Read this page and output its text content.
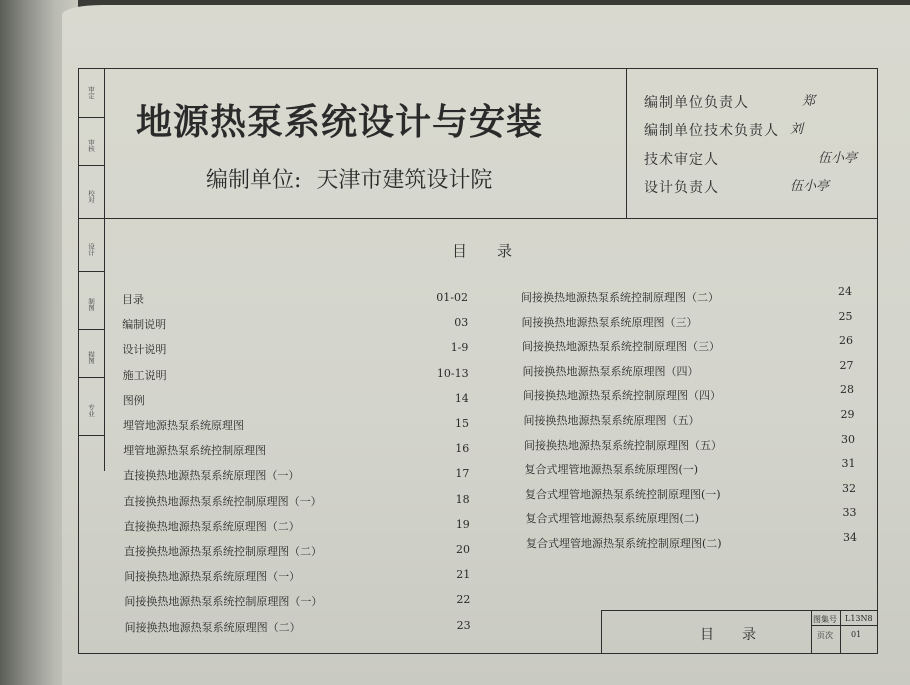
审定
审核
校对
设计
制图
描图
专业
地源热泵系统设计与安装
编制单位: 天津市建筑设计院
编制单位负责人	郑
编制单位技术负责人 刘
技术审定人	伍小亭
设计负责人	伍小亭
目录
目录	01-02
编制说明	03
设计说明	1-9
施工说明	10-13
图例	14
埋管地源热泵系统原理图	15
埋管地源热泵系统控制原理图	16
直接换热地源热泵系统原理图（一）	17
直接换热地源热泵系统控制原理图（一）	18
直接换热地源热泵系统原理图（二）	19
直接换热地源热泵系统控制原理图（二）	20
间接换热地源热泵系统原理图（一）	21
间接换热地源热泵系统控制原理图（一）	22
间接换热地源热泵系统原理图（二）	23
间接换热地源热泵系统控制原理图（二）	24
间接换热地源热泵系统原理图（三）	25
间接换热地源热泵系统控制原理图（三）	26
间接换热地源热泵系统原理图（四）	27
间接换热地源热泵系统控制原理图（四）	28
间接换热地源热泵系统原理图（五）	29
间接换热地源热泵系统控制原理图（五）	30
复合式埋管地源热泵系统原理图(一)	31
复合式埋管地源热泵系统控制原理图(一)	32
复合式埋管地源热泵系统原理图(二)	33
复合式埋管地源热泵系统控制原理图(二)	34
目录
图集号 L13N8
页次 01
